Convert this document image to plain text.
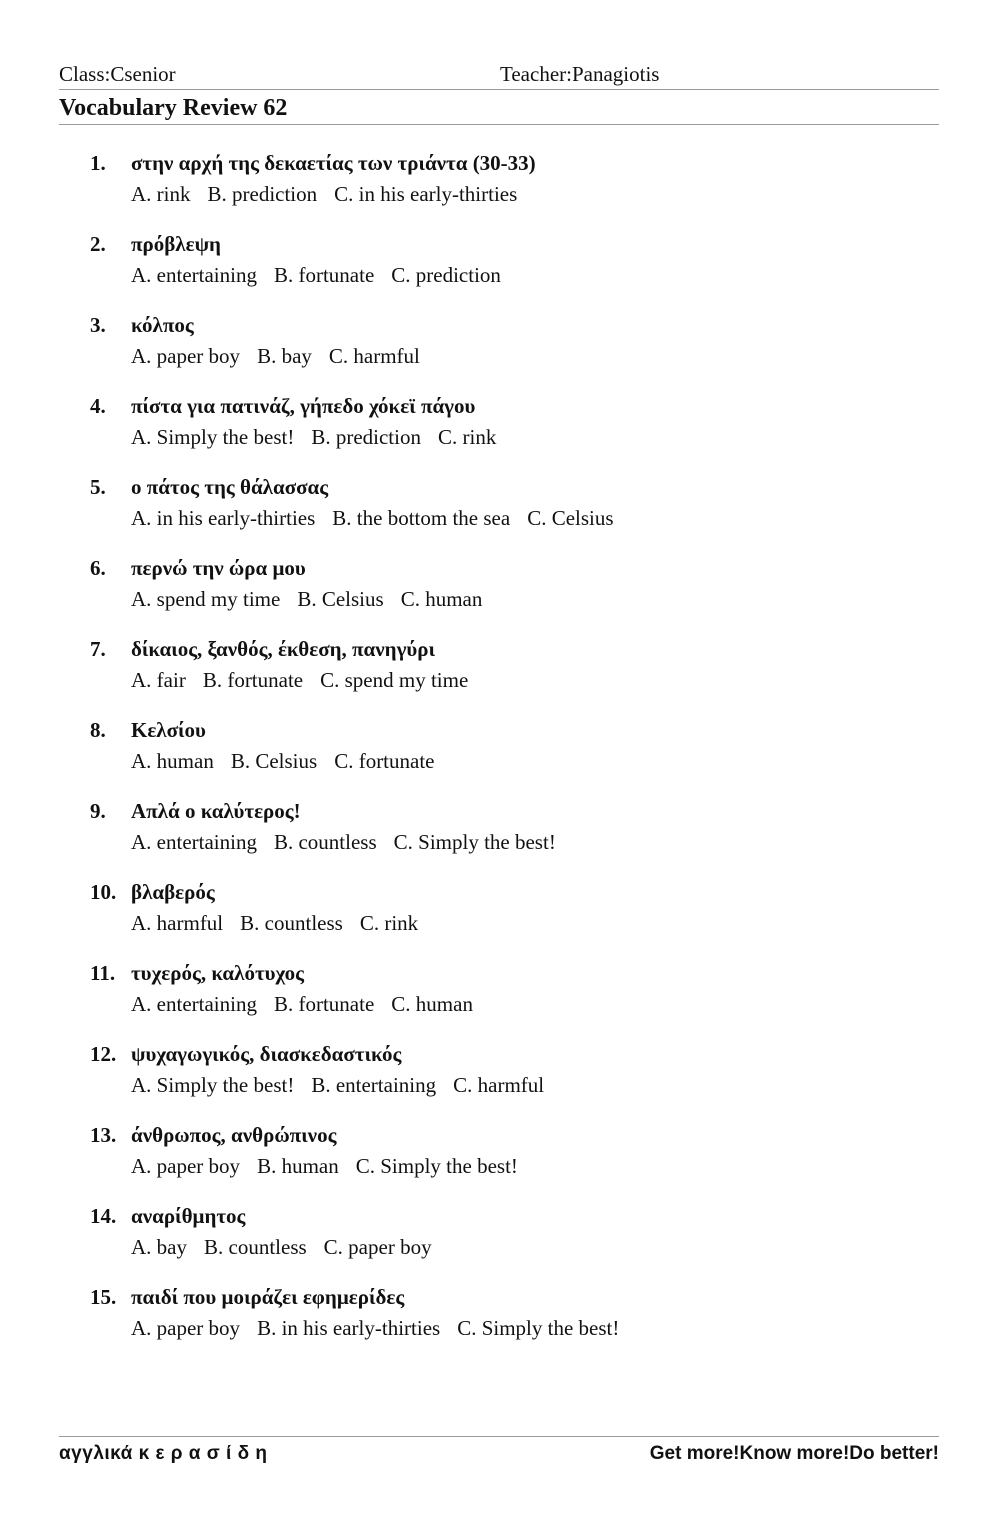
Class:Csenior	Teacher:Panagiotis
Vocabulary Review 62
1. στην αρχή της δεκαετίας των τριάντα (30-33)
A. rink B. prediction C. in his early-thirties
2. πρόβλεψη
A. entertaining B. fortunate C. prediction
3. κόλπος
A. paper boy B. bay C. harmful
4. πίστα για πατινάζ, γήπεδο χόκεϊ πάγου
A. Simply the best! B. prediction C. rink
5. ο πάτος της θάλασσας
A. in his early-thirties B. the bottom the sea C. Celsius
6. περνώ την ώρα μου
A. spend my time B. Celsius C. human
7. δίκαιος, ξανθός, έκθεση, πανηγύρι
A. fair B. fortunate C. spend my time
8. Κελσίου
A. human B. Celsius C. fortunate
9. Απλά ο καλύτερος!
A. entertaining B. countless C. Simply the best!
10. βλαβερός
A. harmful B. countless C. rink
11. τυχερός, καλότυχος
A. entertaining B. fortunate C. human
12. ψυχαγωγικός, διασκεδαστικός
A. Simply the best! B. entertaining C. harmful
13. άνθρωπος, ανθρώπινος
A. paper boy B. human C. Simply the best!
14. αναρίθμητος
A. bay B. countless C. paper boy
15. παιδί που μοιράζει εφημερίδες
A. paper boy B. in his early-thirties C. Simply the best!
αγγλικά κ ε ρ α σ ί δ η	Get more!Know more!Do better!
